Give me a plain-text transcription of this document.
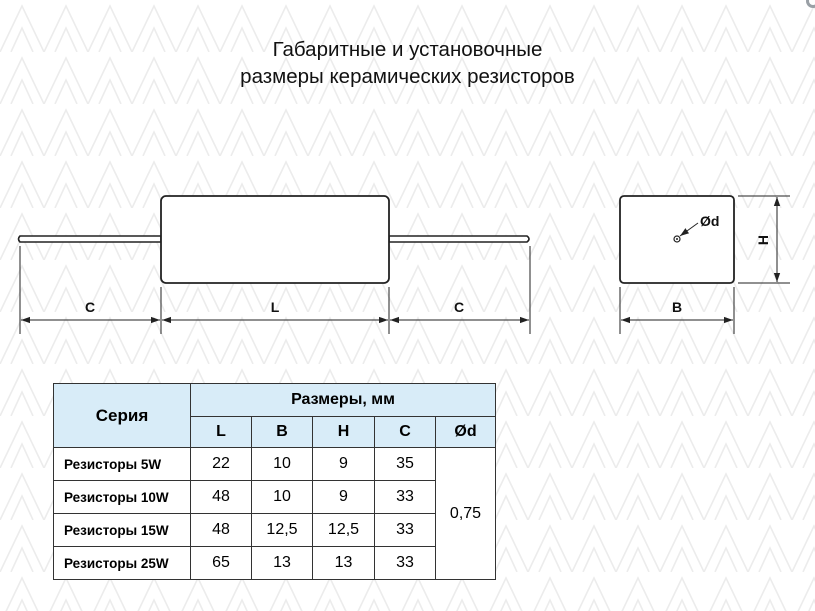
Габаритные и установочные
размеры керамических резисторов
C	L	C
Ød
H
B
Серия	Размеры, мм				
	L	B	H	C	Ød
Резисторы 5W	22	10	9	35	0,75
Резисторы 10W	48	10	9	33	
Резисторы 15W	48	12,5	12,5	33	
Резисторы 25W	65	13	13	33	
